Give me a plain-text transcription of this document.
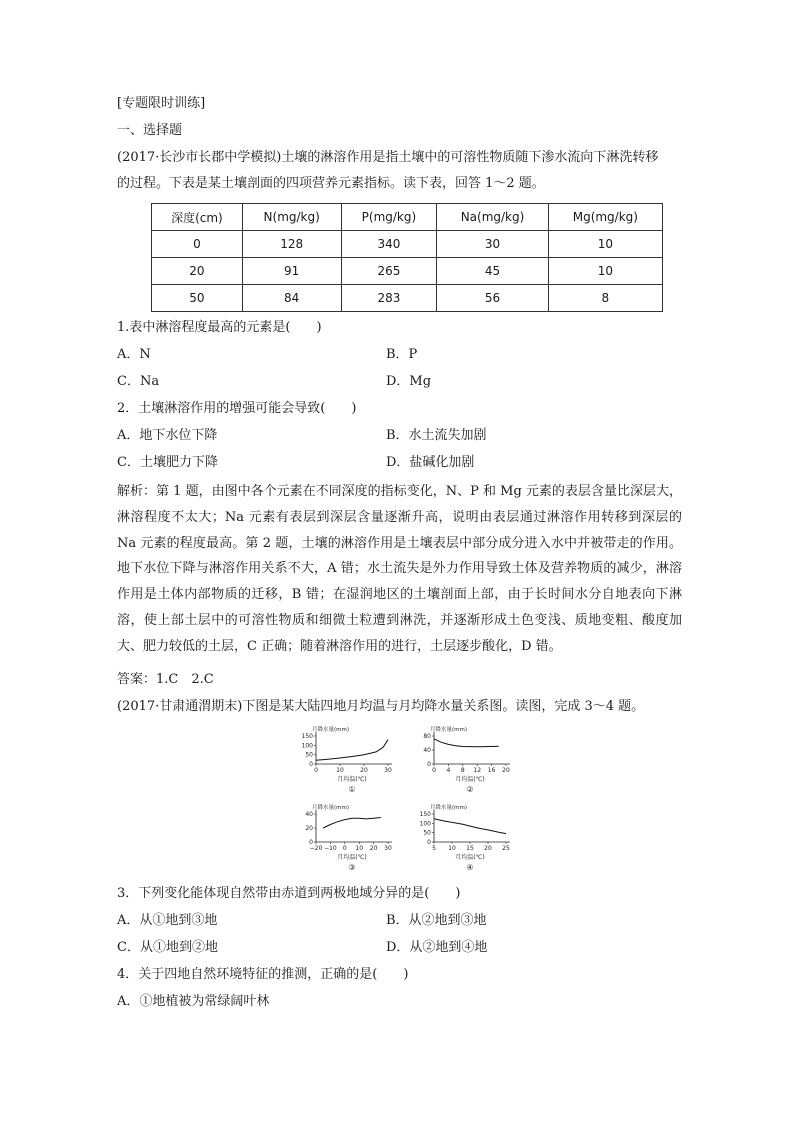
[专题限时训练]
一、选择题
(2017·长沙市长郡中学模拟)土壤的淋溶作用是指土壤中的可溶性物质随下渗水流向下淋洗转移
的过程。下表是某土壤剖面的四项营养元素指标。读下表，回答 1～2 题。
深度(cm)	N(mg/kg)	P(mg/kg)	Na(mg/kg)	Mg(mg/kg)
0	128	340	30	10
20	91	265	45	10
50	84	283	56	8
1.表中淋溶程度最高的元素是(　　)
A．N	B．P
C．Na	D．Mg
2．土壤淋溶作用的增强可能会导致(　　)
A．地下水位下降	B．水土流失加剧
C．土壤肥力下降	D．盐碱化加剧

解析：第 1 题，由图中各个元素在不同深度的指标变化，N、P 和 Mg 元素的表层含量比深层大，淋溶程度不太大；Na 元素有表层到深层含量逐渐升高，说明由表层通过淋溶作用转移到深层的 Na 元素的程度最高。第 2 题，土壤的淋溶作用是土壤表层中部分成分进入水中并被带走的作用。地下水位下降与淋溶作用关系不大，A 错；水土流失是外力作用导致土体及营养物质的减少，淋溶作用是土体内部物质的迁移，B 错；在湿润地区的土壤剖面上部，由于长时间水分自地表向下淋溶，使上部土层中的可溶性物质和细微土粒遭到淋洗，并逐渐形成土色变浅、质地变粗、酸度加大、肥力较低的土层，C 正确；随着淋溶作用的进行，土层逐步酸化，D 错。

答案：1.C　2.C
(2017·甘肃通渭期末)下图是某大陆四地月均温与月均降水量关系图。读图，完成 3～4 题。
月降水量(mm)
0
50
100
150
0	10	20	30
月均温(℃)
①
月降水量(mm)
0
40
80
0 4 8 12 16 20
月均温(℃)
②
月降水量(mm)
0
20
40
−20 −10 0 10 20 30
月均温(℃)
③
月降水量(mm)
0
50
100
150
5 10 15 20 25
月均温(℃)
④
3．下列变化能体现自然带由赤道到两极地域分异的是(　　)
A．从①地到③地	B．从②地到③地
C．从①地到②地	D．从②地到④地
4．关于四地自然环境特征的推测，正确的是(　　)
A．①地植被为常绿阔叶林
